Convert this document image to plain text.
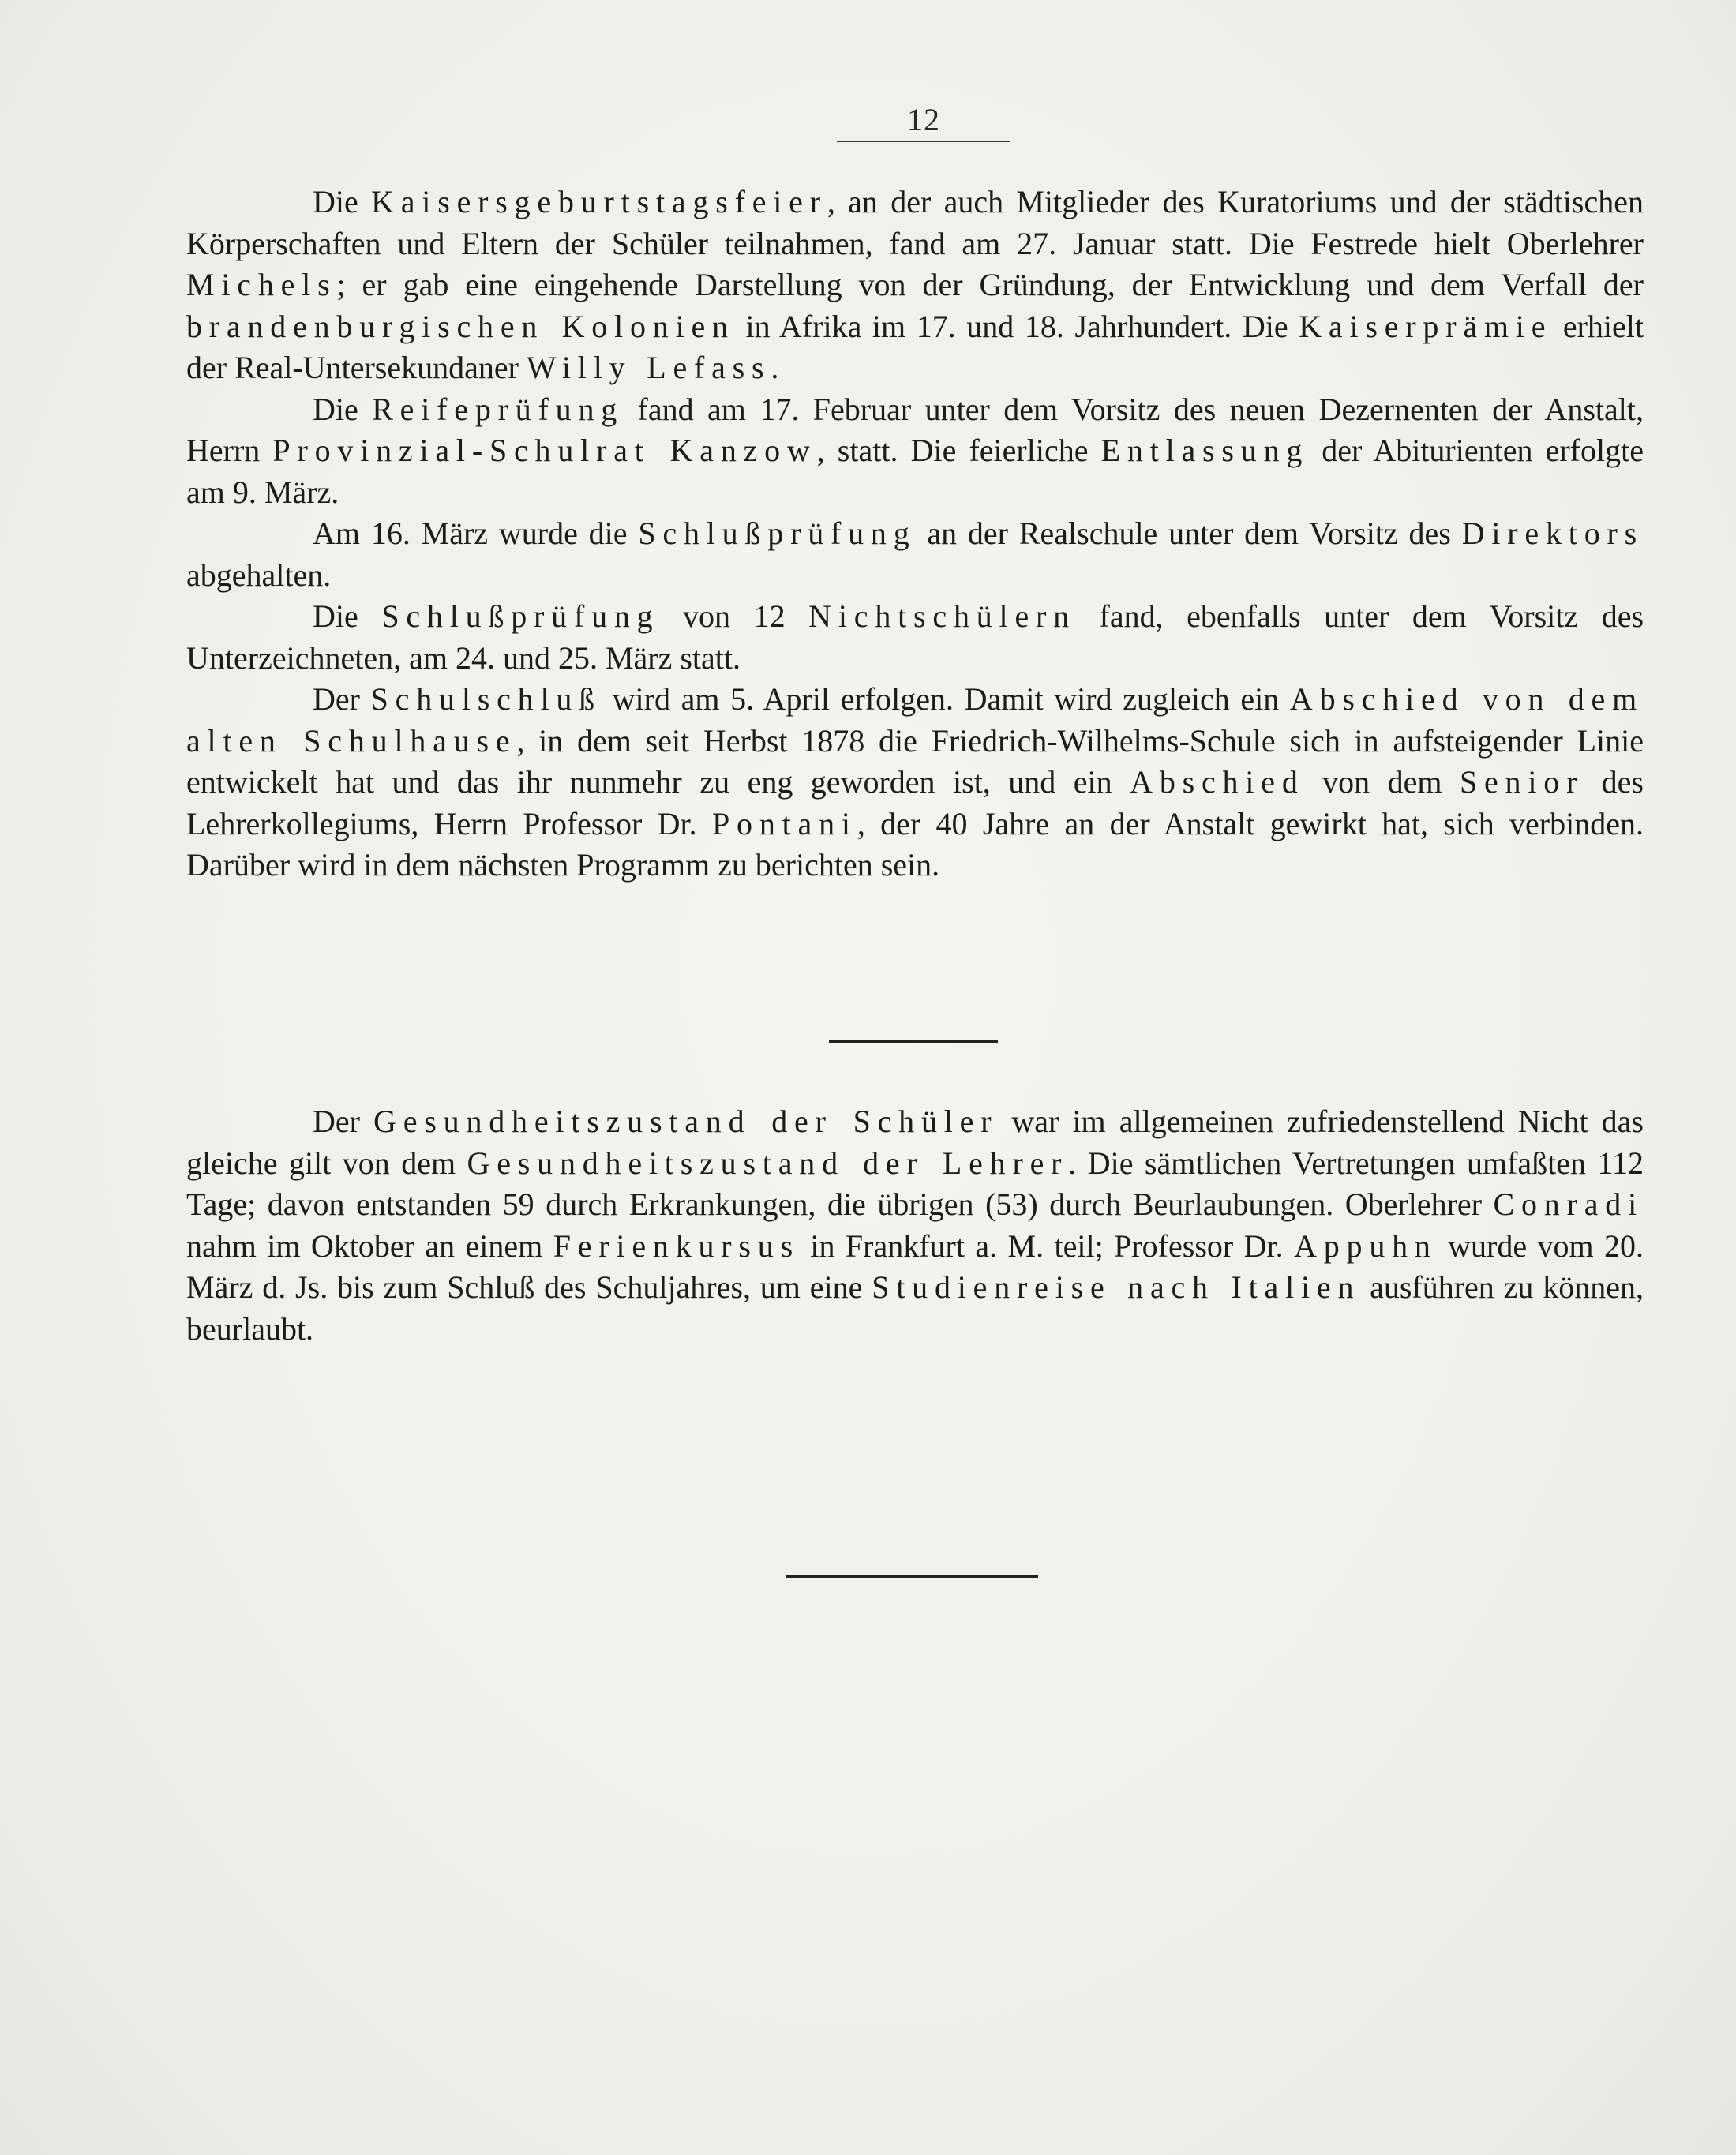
12

Die Kaisersgeburtstagsfeier, an der auch Mitglieder des Kuratoriums und der städtischen Körperschaften und Eltern der Schüler teilnahmen, fand am 27. Januar statt. Die Festrede hielt Oberlehrer Michels; er gab eine eingehende Darstellung von der Gründung, der Entwicklung und dem Verfall der brandenburgischen Kolonien in Afrika im 17. und 18. Jahrhundert. Die Kaiserprämie erhielt der Real-Untersekundaner Willy Lefass.

Die Reifeprüfung fand am 17. Februar unter dem Vorsitz des neuen Dezernenten der Anstalt, Herrn Provinzial-Schulrat Kanzow, statt. Die feierliche Entlassung der Abiturienten erfolgte am 9. März.

Am 16. März wurde die Schlußprüfung an der Realschule unter dem Vorsitz des Direktors abgehalten.

Die Schlußprüfung von 12 Nichtschülern fand, ebenfalls unter dem Vorsitz des Unterzeichneten, am 24. und 25. März statt.

Der Schulschluß wird am 5. April erfolgen. Damit wird zugleich ein Abschied von dem alten Schulhause, in dem seit Herbst 1878 die Friedrich-Wilhelms-Schule sich in aufsteigender Linie entwickelt hat und das ihr nunmehr zu eng geworden ist, und ein Abschied von dem Senior des Lehrerkollegiums, Herrn Professor Dr. Pontani, der 40 Jahre an der Anstalt gewirkt hat, sich verbinden. Darüber wird in dem nächsten Programm zu berichten sein.

Der Gesundheitszustand der Schüler war im allgemeinen zufriedenstellend Nicht das gleiche gilt von dem Gesundheitszustand der Lehrer. Die sämtlichen Vertretungen umfaßten 112 Tage; davon entstanden 59 durch Erkrankungen, die übrigen (53) durch Beurlaubungen. Oberlehrer Conradi nahm im Oktober an einem Ferienkursus in Frankfurt a. M. teil; Professor Dr. Appuhn wurde vom 20. März d. Js. bis zum Schluß des Schuljahres, um eine Studienreise nach Italien ausführen zu können, beurlaubt.
